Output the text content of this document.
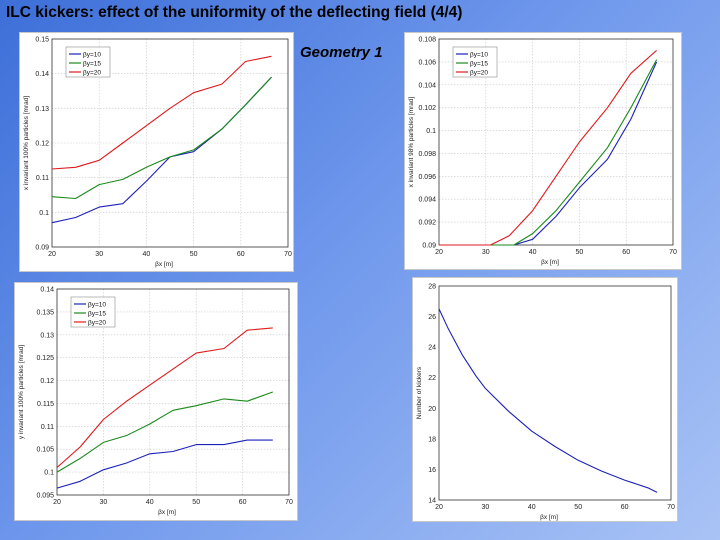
ILC kickers: effect of the uniformity of the deflecting field (4/4)
Geometry 1
20	30	40	50	60	70
0.09
0.1
0.11
0.12
0.13
0.14
0.15
βx [m]
x invariant 100% particles [mrad]
βy=10
βy=15
βy=20
20	30	40	50	60	70
0.09
0.092
0.094
0.096
0.098
0.1
0.102
0.104
0.106
0.108
βx [m]
x invariant 98% particles [mrad]
βy=10
βy=15
βy=20
20	30	40	50	60	70
0.095
0.1
0.105
0.11
0.115
0.12
0.125
0.13
0.135
0.14
βx [m]
y invariant 100% particles [mrad]
βy=10
βy=15
βy=20
20	30	40	50	60	70
14
16
18
20
22
24
26
28
βx [m]
Number of kickers
